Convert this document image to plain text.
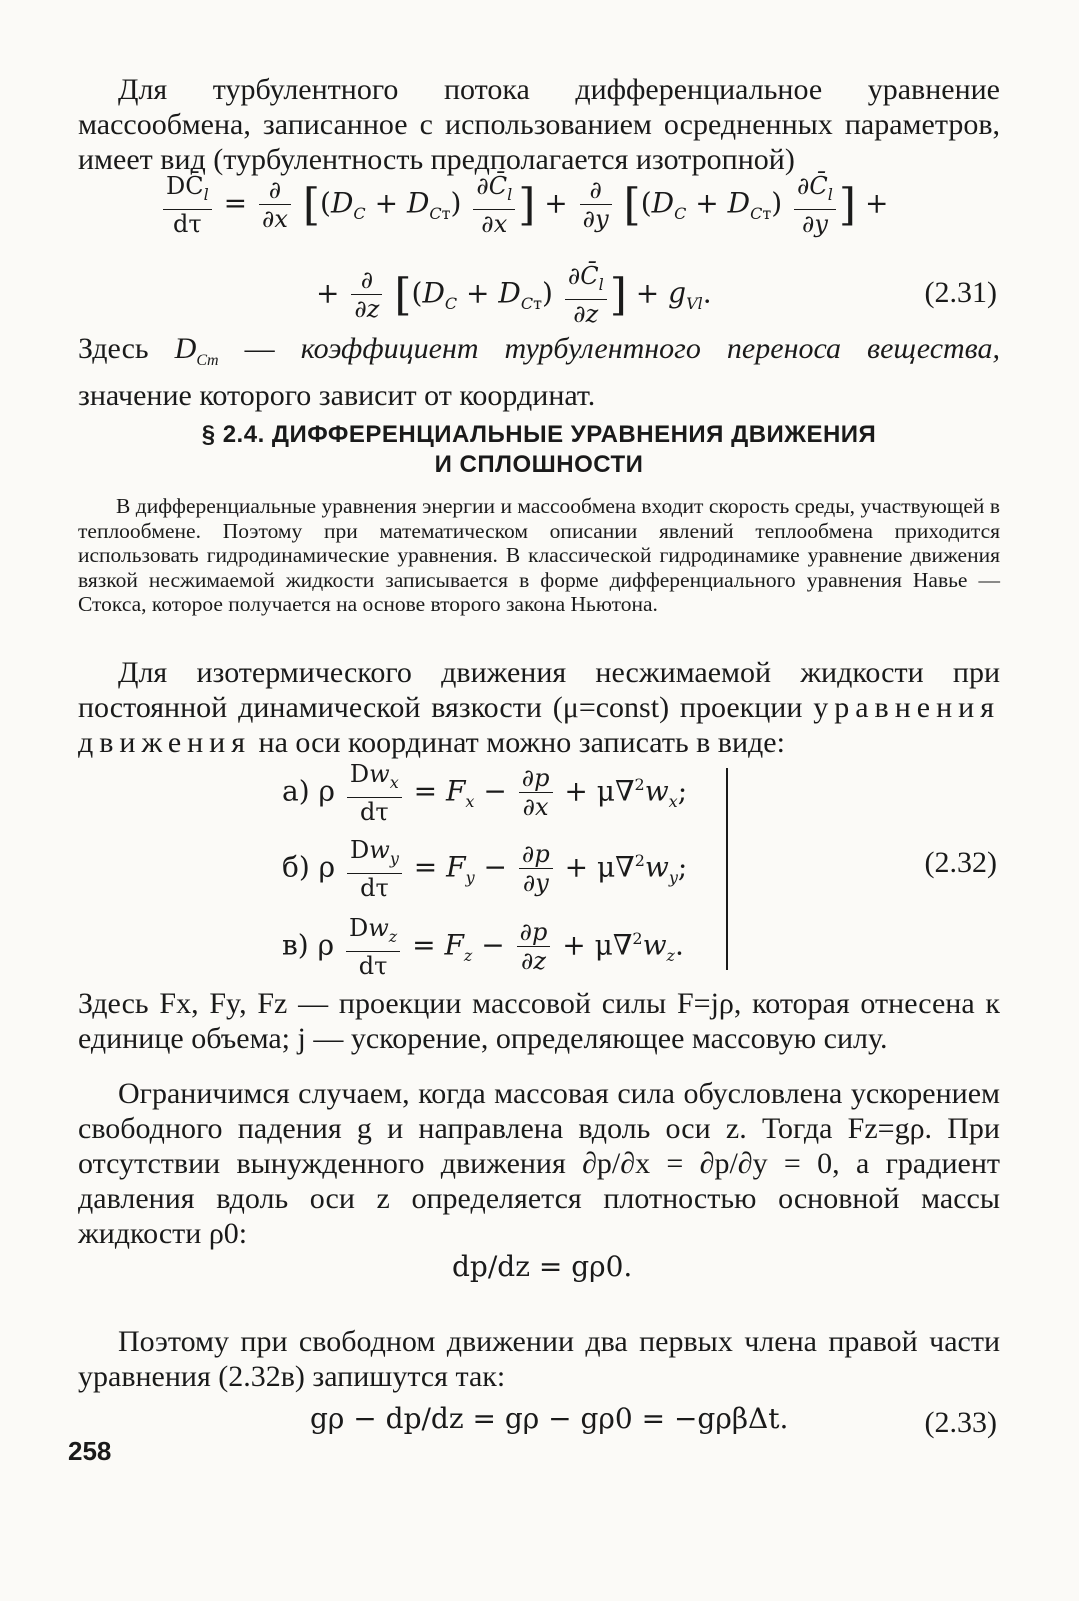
Для турбулентного потока дифференциальное уравнение массообмена, записанное с использованием осредненных параметров, имеет вид (турбулентность предполагается изотропной)
$\frac{DC̄_l}{d\tau} = \frac{\partial}{\partial x} [(D_C + D_{Cт}) \frac{\partial C̄_l}{\partial x}$ ] + $\frac{\partial}{\partial y} [(D_C + D_{Cт}) \frac{\partial C̄_l}{\partial y}$ ] +
+ $\frac{\partial}{\partial z} [(D_C + D_{Cт}) \frac{\partial C̄_l}{\partial z}$ ] + $g_{Vl}$.	(2.31)
Здесь $D_{Cт}$ — коэффициент турбулентного переноса вещества, значение которого зависит от координат.
§ 2.4. ДИФФЕРЕНЦИАЛЬНЫЕ УРАВНЕНИЯ ДВИЖЕНИЯ
И СПЛОШНОСТИ
В дифференциальные уравнения энергии и массообмена входит скорость среды, участвующей в теплообмене. Поэтому при математическом описании явлений теплообмена приходится использовать гидродинамические уравнения. В классической гидродинамике уравнение движения вязкой несжимаемой жидкости записывается в форме дифференциального уравнения Навье — Стокса, которое получается на основе второго закона Ньютона.
Для изотермического движения несжимаемой жидкости при постоянной динамической вязкости (μ=const) проекции уравнения движения на оси координат можно записать в виде:
а) ρ $\frac{Dw_x}{d\tau} = F_x - \frac{\partial p}{\partial x} + \mu\nabla^2w_x$;
б) ρ $\frac{Dw_y}{d\tau} = F_y - \frac{\partial p}{\partial y} + \mu\nabla^2w_y$;
в) ρ $\frac{Dw_z}{d\tau} = F_z - \frac{\partial p}{\partial z} + \mu\nabla^2w_z$.
(2.32)
Здесь Fx, Fy, Fz — проекции массовой силы F=jρ, которая отнесена к единице объема; j — ускорение, определяющее массовую силу.
Ограничимся случаем, когда массовая сила обусловлена ускорением свободного падения g и направлена вдоль оси z. Тогда Fz=gρ. При отсутствии вынужденного движения ∂p/∂x = ∂p/∂y = 0, а градиент давления вдоль оси z определяется плотностью основной массы жидкости ρ0:
dp/dz = gρ0.
Поэтому при свободном движении два первых члена правой части уравнения (2.32в) запишутся так:
gρ − dp/dz = gρ − gρ0 = −gρβΔt.	(2.33)
258
